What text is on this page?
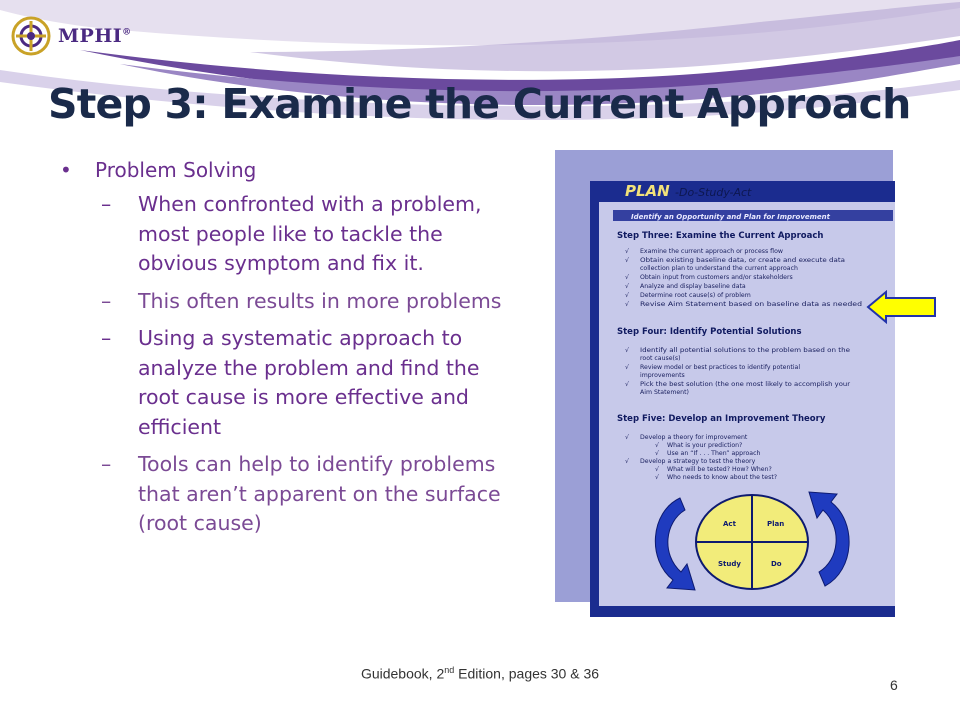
MPHI®
Step 3: Examine the Current Approach
• Problem Solving
– When confronted with a problem, most people like to tackle the obvious symptom and fix it.
– This often results in more problems
– Using a systematic approach to analyze the problem and find the root cause is more effective and efficient
– Tools can help to identify problems that aren’t apparent on the surface (root cause)
PLAN -Do-Study-Act
Identify an Opportunity and Plan for Improvement
Step Three: Examine the Current Approach
√ Examine the current approach or process flow
√ Obtain existing baseline data, or create and execute data
collection plan to understand the current approach
√ Obtain input from customers and/or stakeholders
√ Analyze and display baseline data
√ Determine root cause(s) of problem
√ Revise Aim Statement based on baseline data as needed
Step Four: Identify Potential Solutions
√ Identify all potential solutions to the problem based on the
root cause(s)
√ Review model or best practices to identify potential
improvements
√ Pick the best solution (the one most likely to accomplish your
Aim Statement)
Step Five: Develop an Improvement Theory
√ Develop a theory for improvement
√ What is your prediction?
√ Use an “If . . . Then” approach
√ Develop a strategy to test the theory
√ What will be tested? How? When?
√ Who needs to know about the test?
Act	Plan
Study	Do
Guidebook, 2nd Edition, pages 30 & 36
6
